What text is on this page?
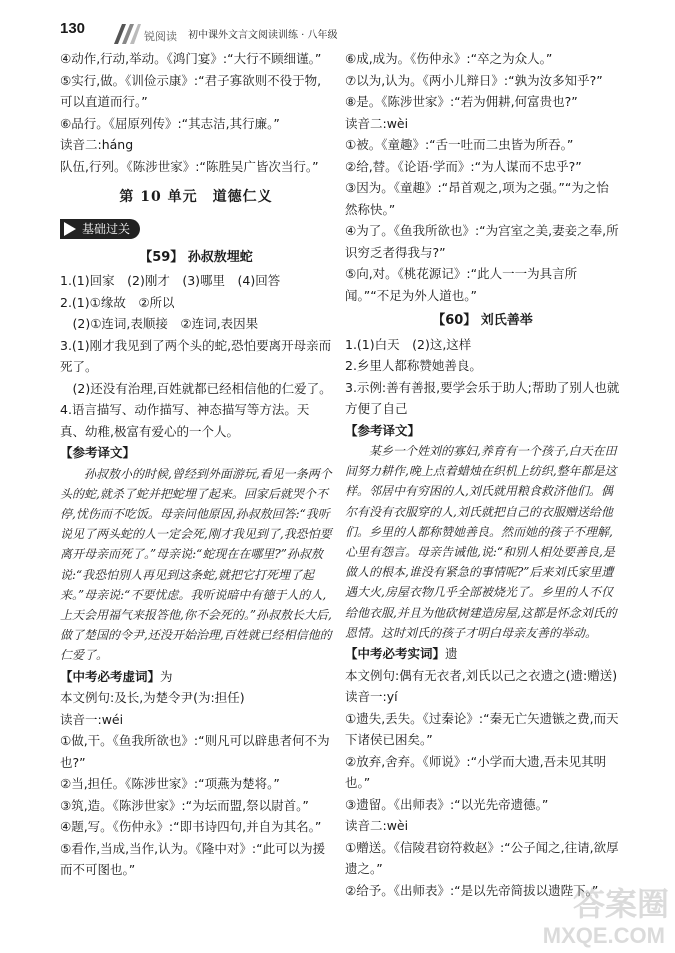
130	锐阅读 初中课外文言文阅读训练 · 八年级

④动作,行动,举动。《鸿门宴》:“大行不顾细谨。”

⑤实行,做。《训俭示康》:“君子寡欲则不役于物,可以直道而行。”

⑥品行。《屈原列传》:“其志洁,其行廉。”

读音二:háng

队伍,行列。《陈涉世家》:“陈胜吴广皆次当行。”

第 10 单元　道德仁义
基础过关
【59】 孙叔敖埋蛇

1.(1)回家　(2)刚才　(3)哪里　(4)回答

2.(1)①缘故　②所以

(2)①连词,表顺接　②连词,表因果

3.(1)刚才我见到了两个头的蛇,恐怕要离开母亲而死了。

(2)还没有治理,百姓就都已经相信他的仁爱了。

4.语言描写、动作描写、神态描写等方法。天真、幼稚,极富有爱心的一个人。

【参考译文】

孙叔敖小的时候,曾经到外面游玩,看见一条两个头的蛇,就杀了蛇并把蛇埋了起来。回家后就哭个不停,忧伤而不吃饭。母亲问他原因,孙叔敖回答:“我听说见了两头蛇的人一定会死,刚才我见到了,我恐怕要离开母亲而死了。”母亲说:“蛇现在在哪里?”孙叔敖说:“我恐怕别人再见到这条蛇,就把它打死埋了起来。”母亲说:“不要忧虑。我听说暗中有德于人的人,上天会用福气来报答他,你不会死的。”孙叔敖长大后,做了楚国的令尹,还没开始治理,百姓就已经相信他的仁爱了。

【中考必考虚词】为

本文例句:及长,为楚令尹(为:担任)

读音一:wéi

①做,干。《鱼我所欲也》:“则凡可以辟患者何不为也?”

②当,担任。《陈涉世家》:“项燕为楚将。”

③筑,造。《陈涉世家》:“为坛而盟,祭以尉首。”

④题,写。《伤仲永》:“即书诗四句,并自为其名。”

⑤看作,当成,当作,认为。《隆中对》:“此可以为援而不可图也。”

⑥成,成为。《伤仲永》:“卒之为众人。”

⑦以为,认为。《两小儿辩日》:“孰为汝多知乎?”

⑧是。《陈涉世家》:“若为佣耕,何富贵也?”

读音二:wèi

①被。《童趣》:“舌一吐而二虫皆为所吞。”

②给,替。《论语·学而》:“为人谋而不忠乎?”

③因为。《童趣》:“昂首观之,项为之强。”“为之怡然称快。”

④为了。《鱼我所欲也》:“为宫室之美,妻妾之奉,所识穷乏者得我与?”

⑤向,对。《桃花源记》:“此人一一为具言所闻。”“不足为外人道也。”

【60】 刘氏善举

1.(1)白天　(2)这,这样

2.乡里人都称赞她善良。

3.示例:善有善报,要学会乐于助人;帮助了别人也就方便了自己

【参考译文】

某乡一个姓刘的寡妇,养育有一个孩子,白天在田间努力耕作,晚上点着蜡烛在织机上纺织,整年都是这样。邻居中有穷困的人,刘氏就用粮食救济他们。偶尔有没有衣服穿的人,刘氏就把自己的衣服赠送给他们。乡里的人都称赞她善良。然而她的孩子不理解,心里有怨言。母亲告诫他,说:“和别人相处要善良,是做人的根本,谁没有紧急的事情呢?”后来刘氏家里遭遇大火,房屋衣物几乎全部被烧光了。乡里的人不仅给他衣服,并且为他砍树建造房屋,这都是怀念刘氏的恩情。这时刘氏的孩子才明白母亲友善的举动。

【中考必考实词】遗

本文例句:偶有无衣者,刘氏以己之衣遗之(遗:赠送)

读音一:yí

①遗失,丢失。《过秦论》:“秦无亡矢遗镞之费,而天下诸侯已困矣。”

②放弃,舍弃。《师说》:“小学而大遗,吾未见其明也。”

③遗留。《出师表》:“以光先帝遗德。”

读音二:wèi

①赠送。《信陵君窃符救赵》:“公子闻之,往请,欲厚遗之。”

②给予。《出师表》:“是以先帝简拔以遗陛下。”

答案圈
MXQE.COM
